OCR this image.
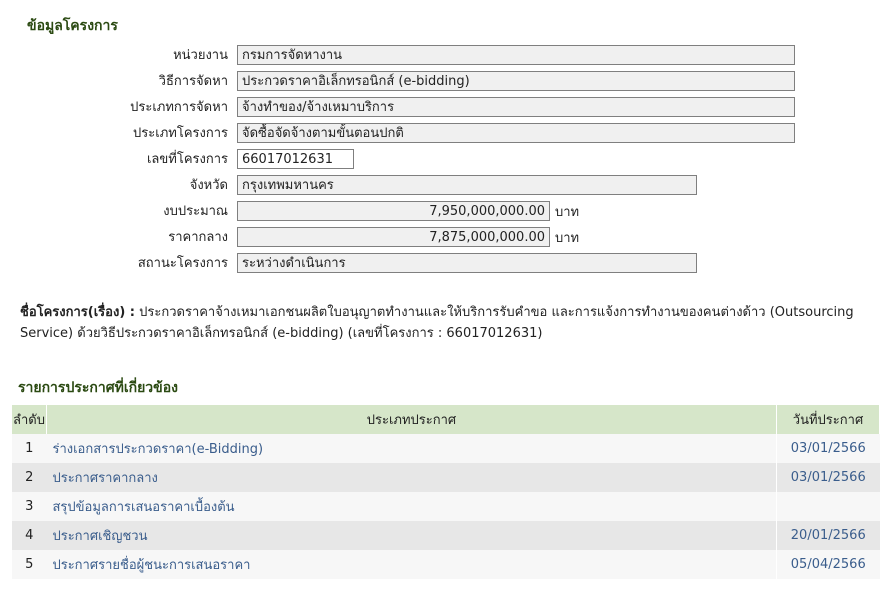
ข้อมูลโครงการ
หน่วยงาน	กรมการจัดหางาน
วิธีการจัดหา	ประกวดราคาอิเล็กทรอนิกส์ (e-bidding)
ประเภทการจัดหา	จ้างทำของ/จ้างเหมาบริการ
ประเภทโครงการ	จัดซื้อจัดจ้างตามขั้นตอนปกติ
เลขที่โครงการ	66017012631
จังหวัด	กรุงเทพมหานคร
งบประมาณ	7,950,000,000.00 บาท
ราคากลาง	7,875,000,000.00 บาท
สถานะโครงการ	ระหว่างดำเนินการ
ชื่อโครงการ(เรื่อง) : ประกวดราคาจ้างเหมาเอกชนผลิตใบอนุญาตทำงานและให้บริการรับคำขอ และการแจ้งการทำงานของคนต่างด้าว (Outsourcing Service) ด้วยวิธีประกวดราคาอิเล็กทรอนิกส์ (e-bidding) (เลขที่โครงการ : 66017012631)
รายการประกาศที่เกี่ยวข้อง
ลำดับ	ประเภทประกาศ	วันที่ประกาศ
1	ร่างเอกสารประกวดราคา(e-Bidding)	03/01/2566
2	ประกาศราคากลาง	03/01/2566
3	สรุปข้อมูลการเสนอราคาเบื้องต้น	
4	ประกาศเชิญชวน	20/01/2566
5	ประกาศรายชื่อผู้ชนะการเสนอราคา	05/04/2566
